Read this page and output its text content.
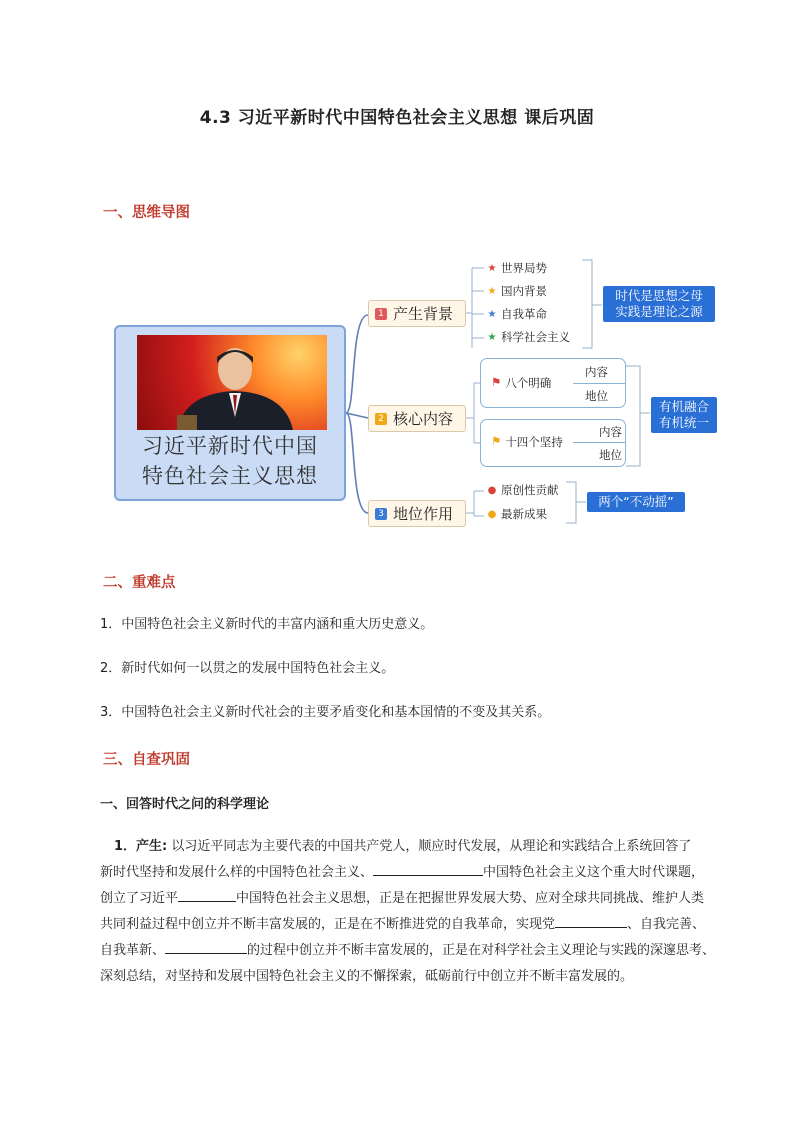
4.3 习近平新时代中国特色社会主义思想 课后巩固
一、思维导图
习近平新时代中国
特色社会主义思想
1 产生背景
★ 世界局势
★ 国内背景
★ 自我革命
★ 科学社会主义
时代是思想之母
实践是理论之源
2 核心内容
⚑ 八个明确
内容
地位
⚑ 十四个坚持
内容
地位
有机融合
有机统一
3 地位作用
● 原创性贡献
● 最新成果
两个“不动摇”
二、重难点
1．中国特色社会主义新时代的丰富内涵和重大历史意义。
2．新时代如何一以贯之的发展中国特色社会主义。
3．中国特色社会主义新时代社会的主要矛盾变化和基本国情的不变及其关系。
三、自查巩固
一、回答时代之问的科学理论
1．产生: 以习近平同志为主要代表的中国共产党人，顺应时代发展，从理论和实践结合上系统回答了
新时代坚持和发展什么样的中国特色社会主义、	中国特色社会主义这个重大时代课题，
创立了习近平	中国特色社会主义思想，正是在把握世界发展大势、应对全球共同挑战、维护人类
共同利益过程中创立并不断丰富发展的，正是在不断推进党的自我革命，实现党	、自我完善、
自我革新、	的过程中创立并不断丰富发展的，正是在对科学社会主义理论与实践的深邃思考、
深刻总结，对坚持和发展中国特色社会主义的不懈探索，砥砺前行中创立并不断丰富发展的。
